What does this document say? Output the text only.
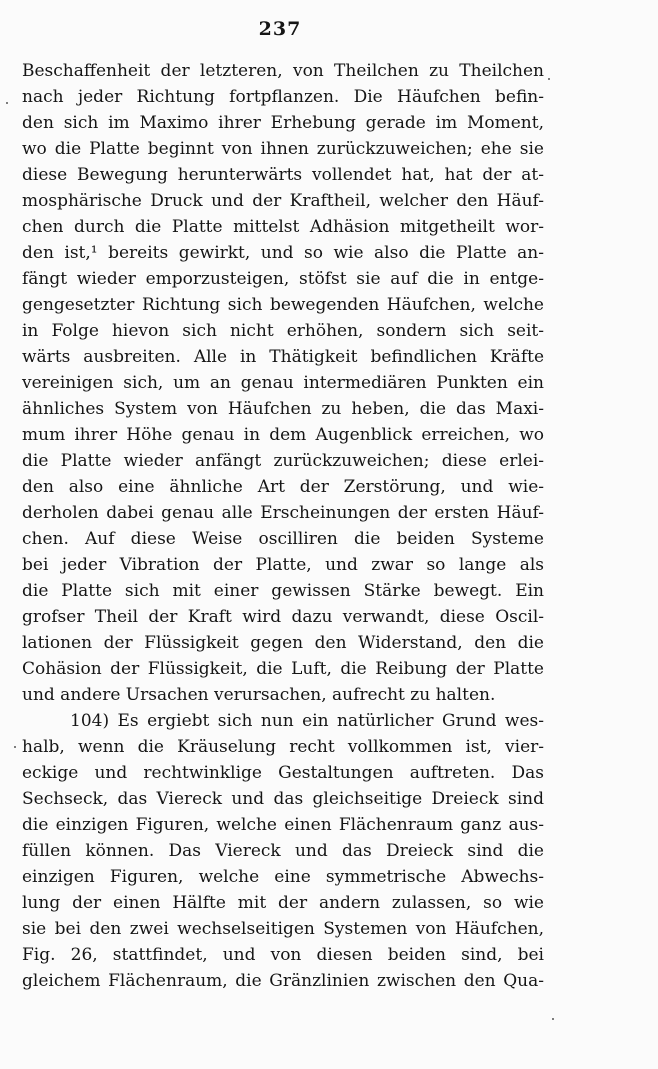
237
Beschaffenheit der letzteren, von Theilchen zu Theilchen
nach jeder Richtung fortpflanzen. Die Häufchen befin-
den sich im Maximo ihrer Erhebung gerade im Moment,
wo die Platte beginnt von ihnen zurückzuweichen; ehe sie
diese Bewegung herunterwärts vollendet hat, hat der at-
mosphärische Druck und der Kraftheil, welcher den Häuf-
chen durch die Platte mittelst Adhäsion mitgetheilt wor-
den ist,¹ bereits gewirkt, und so wie also die Platte an-
fängt wieder emporzusteigen, stöfst sie auf die in entge-
gengesetzter Richtung sich bewegenden Häufchen, welche
in Folge hievon sich nicht erhöhen, sondern sich seit-
wärts ausbreiten. Alle in Thätigkeit befindlichen Kräfte
vereinigen sich, um an genau intermediären Punkten ein
ähnliches System von Häufchen zu heben, die das Maxi-
mum ihrer Höhe genau in dem Augenblick erreichen, wo
die Platte wieder anfängt zurückzuweichen; diese erlei-
den also eine ähnliche Art der Zerstörung, und wie-
derholen dabei genau alle Erscheinungen der ersten Häuf-
chen. Auf diese Weise oscilliren die beiden Systeme
bei jeder Vibration der Platte, und zwar so lange als
die Platte sich mit einer gewissen Stärke bewegt. Ein
grofser Theil der Kraft wird dazu verwandt, diese Oscil-
lationen der Flüssigkeit gegen den Widerstand, den die
Cohäsion der Flüssigkeit, die Luft, die Reibung der Platte
und andere Ursachen verursachen, aufrecht zu halten.
104) Es ergiebt sich nun ein natürlicher Grund wes-
halb, wenn die Kräuselung recht vollkommen ist, vier-
eckige und rechtwinklige Gestaltungen auftreten. Das
Sechseck, das Viereck und das gleichseitige Dreieck sind
die einzigen Figuren, welche einen Flächenraum ganz aus-
füllen können. Das Viereck und das Dreieck sind die
einzigen Figuren, welche eine symmetrische Abwechs-
lung der einen Hälfte mit der andern zulassen, so wie
sie bei den zwei wechselseitigen Systemen von Häufchen,
Fig. 26, stattfindet, und von diesen beiden sind, bei
gleichem Flächenraum, die Gränzlinien zwischen den Qua-
